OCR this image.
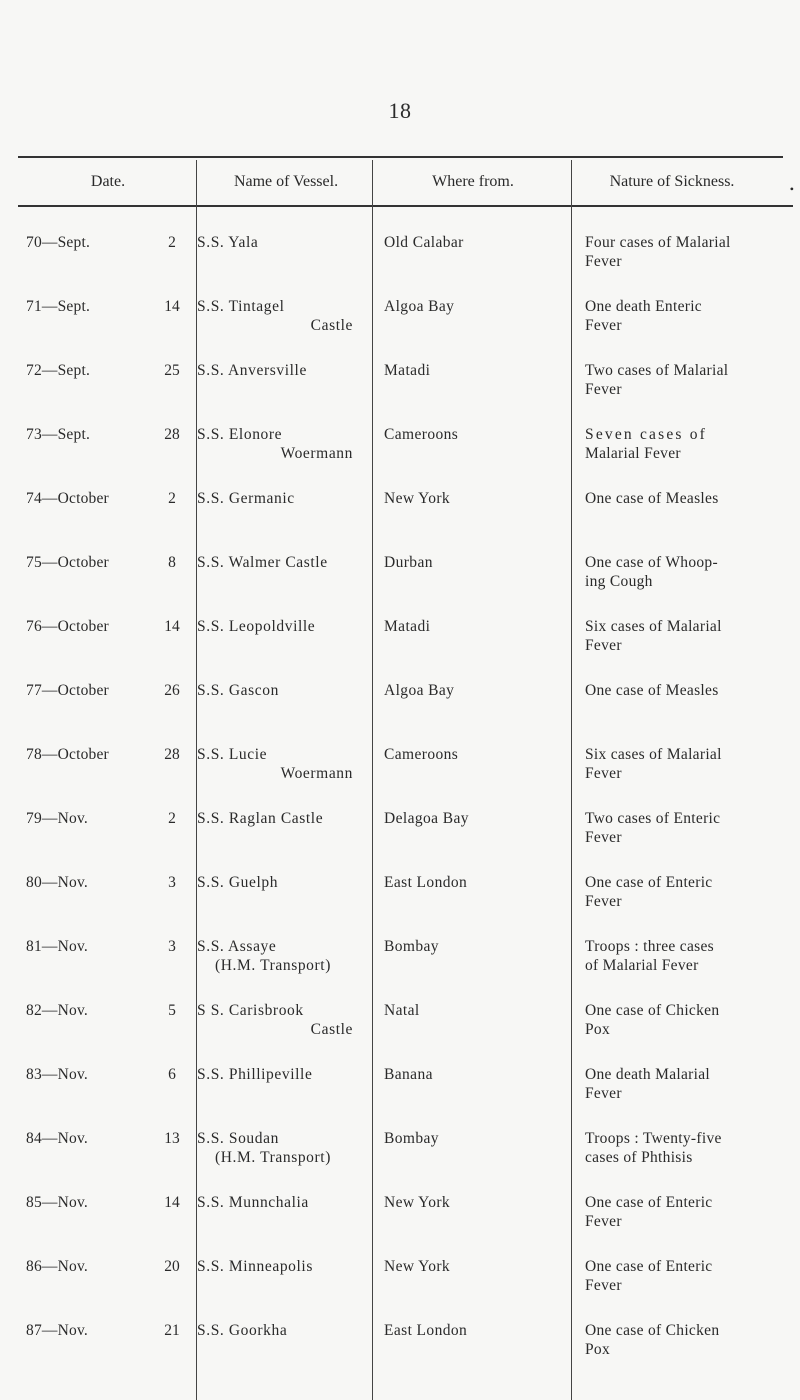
18
•
Date.	Name of Vessel.	Where from.	Nature of Sickness.
70—Sept.	2	S.S. Yala	Old Calabar	Four cases of Malarial
Fever
71—Sept.	14	S.S. Tintagel
Castle
Algoa Bay	One death Enteric
Fever
72—Sept.	25	S.S. Anversville	Matadi	Two cases of Malarial
Fever
73—Sept.	28	S.S. Elonore
Woermann
Cameroons	Seven cases of
Malarial Fever
74—October	2	S.S. Germanic	New York	One case of Measles
75—October	8	S.S. Walmer Castle	Durban	One case of Whoop-
ing Cough
76—October	14	S.S. Leopoldville	Matadi	Six cases of Malarial
Fever
77—October	26	S.S. Gascon	Algoa Bay	One case of Measles
78—October	28	S.S. Lucie
Woermann
Cameroons	Six cases of Malarial
Fever
79—Nov.	2	S.S. Raglan Castle	Delagoa Bay	Two cases of Enteric
Fever
80—Nov.	3	S.S. Guelph	East London	One case of Enteric
Fever
81—Nov.	3	S.S. Assaye
(H.M. Transport)
Bombay	Troops : three cases
of Malarial Fever
82—Nov.	5	S S. Carisbrook
Castle
Natal	One case of Chicken
Pox
83—Nov.	6	S.S. Phillipeville	Banana	One death Malarial
Fever
84—Nov.	13	S.S. Soudan
(H.M. Transport)
Bombay	Troops : Twenty-five
cases of Phthisis
85—Nov.	14	S.S. Munnchalia	New York	One case of Enteric
Fever
86—Nov.	20	S.S. Minneapolis	New York	One case of Enteric
Fever
87—Nov.	21	S.S. Goorkha	East London	One case of Chicken
Pox
